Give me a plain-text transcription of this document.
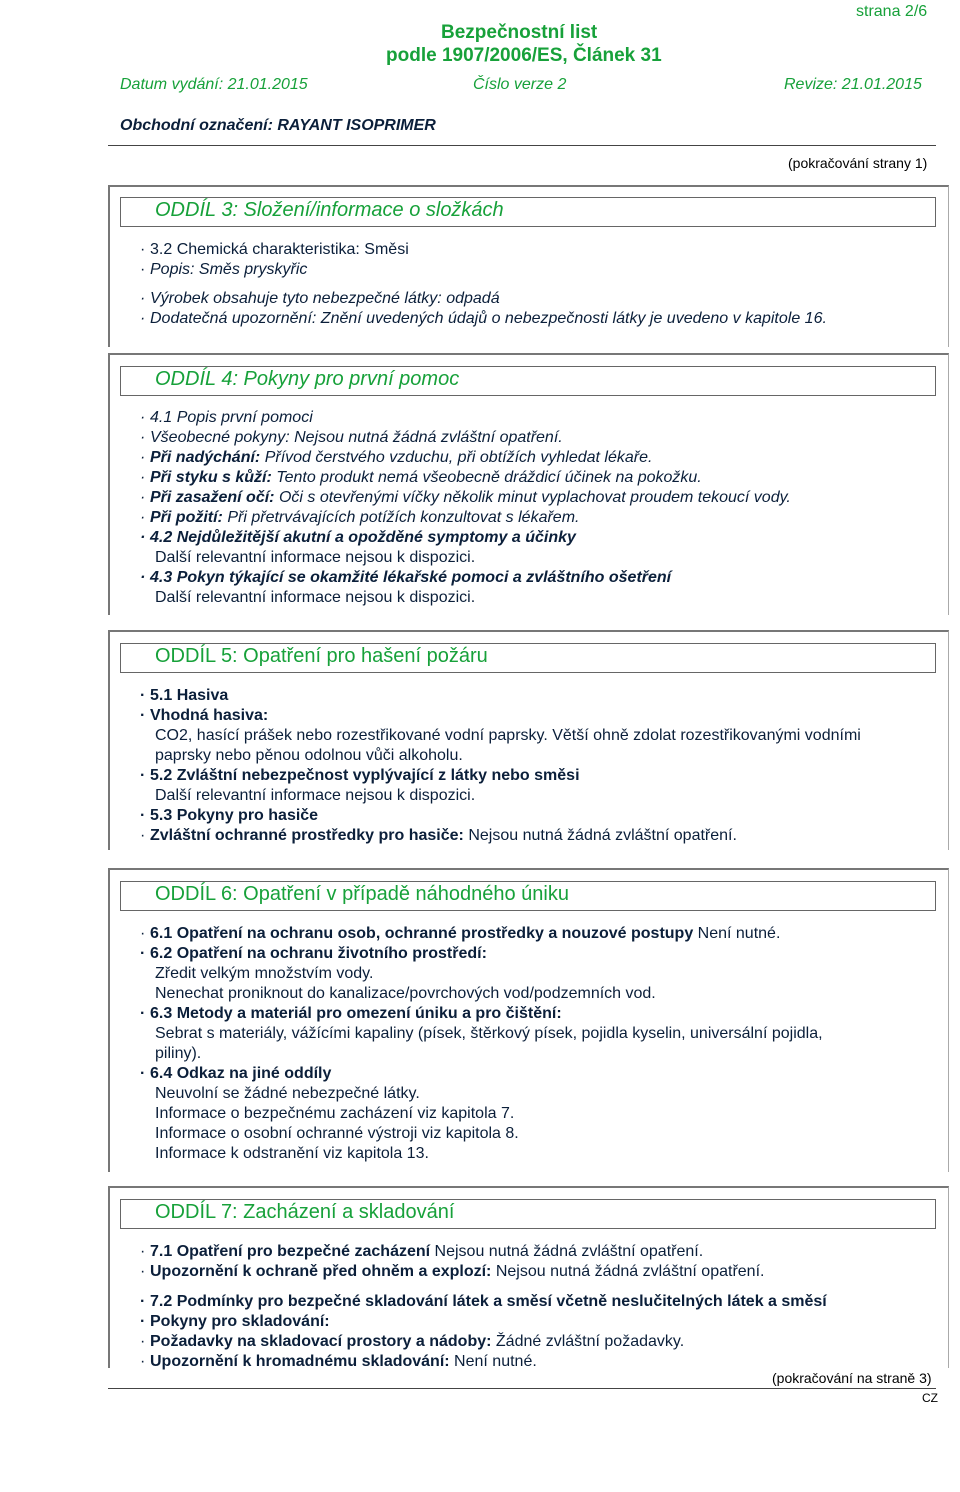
strana 2/6
Bezpečnostní list
podle 1907/2006/ES, Článek 31
Datum vydání: 21.01.2015	Číslo verze 2	Revize: 21.01.2015
Obchodní označení: RAYANT ISOPRIMER
(pokračování strany 1)
ODDÍL 3: Složení/informace o složkách
· 3.2 Chemická charakteristika: Směsi
· Popis: Směs pryskyřic
· Výrobek obsahuje tyto nebezpečné látky: odpadá
· Dodatečná upozornění: Znění uvedených údajů o nebezpečnosti látky je uvedeno v kapitole 16.
ODDÍL 4: Pokyny pro první pomoc
· 4.1 Popis první pomoci
· Všeobecné pokyny: Nejsou nutná žádná zvláštní opatření.
· Při nadýchání: Přívod čerstvého vzduchu, při obtížích vyhledat lékaře.
· Při styku s kůží: Tento produkt nemá všeobecně dráždicí účinek na pokožku.
· Při zasažení očí: Oči s otevřenými víčky několik minut vyplachovat proudem tekoucí vody.
· Při požití: Při přetrvávajících potížích konzultovat s lékařem.
· 4.2 Nejdůležitější akutní a opožděné symptomy a účinky
Další relevantní informace nejsou k dispozici.
· 4.3 Pokyn týkající se okamžité lékařské pomoci a zvláštního ošetření
Další relevantní informace nejsou k dispozici.
ODDÍL 5: Opatření pro hašení požáru
· 5.1 Hasiva
· Vhodná hasiva:
CO2, hasící prášek nebo rozestřikované vodní paprsky. Větší ohně zdolat rozestřikovanými vodními
paprsky nebo pěnou odolnou vůči alkoholu.
· 5.2 Zvláštní nebezpečnost vyplývající z látky nebo směsi
Další relevantní informace nejsou k dispozici.
· 5.3 Pokyny pro hasiče
· Zvláštní ochranné prostředky pro hasiče: Nejsou nutná žádná zvláštní opatření.
ODDÍL 6: Opatření v případě náhodného úniku
· 6.1 Opatření na ochranu osob, ochranné prostředky a nouzové postupy Není nutné.
· 6.2 Opatření na ochranu životního prostředí:
Zředit velkým množstvím vody.
Nenechat proniknout do kanalizace/povrchových vod/podzemních vod.
· 6.3 Metody a materiál pro omezení úniku a pro čištění:
Sebrat s materiály, vážícími kapaliny (písek, štěrkový písek, pojidla kyselin, universální pojidla,
piliny).
· 6.4 Odkaz na jiné oddíly
Neuvolní se žádné nebezpečné látky.
Informace o bezpečnému zacházení viz kapitola 7.
Informace o osobní ochranné výstroji viz kapitola 8.
Informace k odstranění viz kapitola 13.
ODDÍL 7: Zacházení a skladování
· 7.1 Opatření pro bezpečné zacházení Nejsou nutná žádná zvláštní opatření.
· Upozornění k ochraně před ohněm a explozí: Nejsou nutná žádná zvláštní opatření.
· 7.2 Podmínky pro bezpečné skladování látek a směsí včetně neslučitelných látek a směsí
· Pokyny pro skladování:
· Požadavky na skladovací prostory a nádoby: Žádné zvláštní požadavky.
· Upozornění k hromadnému skladování: Není nutné.
(pokračování na straně 3)
CZ
